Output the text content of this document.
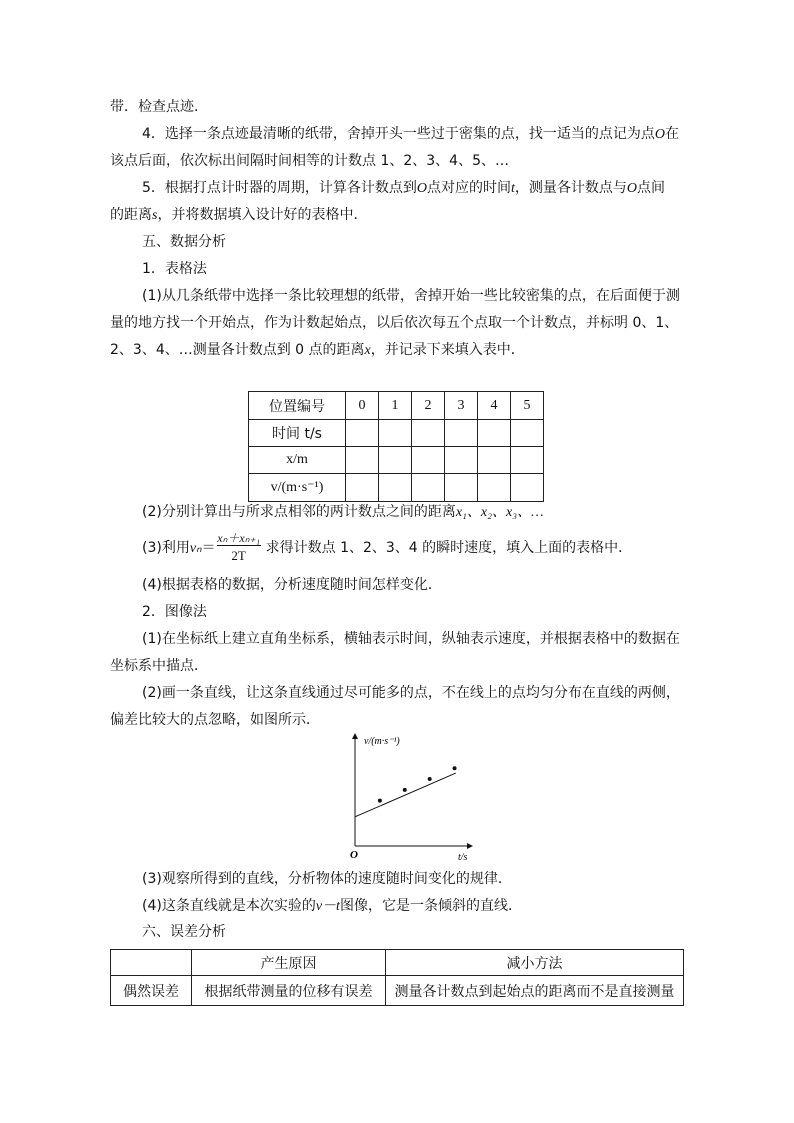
带．检查点迹．
4．选择一条点迹最清晰的纸带，舍掉开头一些过于密集的点，找一适当的点记为点O在
该点后面，依次标出间隔时间相等的计数点 1、2、3、4、5、…
5．根据打点计时器的周期，计算各计数点到O点对应的时间t，测量各计数点与O点间
的距离s，并将数据填入设计好的表格中．
五、数据分析
1．表格法
(1)从几条纸带中选择一条比较理想的纸带，舍掉开始一些比较密集的点，在后面便于测
量的地方找一个开始点，作为计数起始点，以后依次每五个点取一个计数点，并标明 0、1、
2、3、4、…测量各计数点到 0 点的距离x，并记录下来填入表中．
位置编号	0	1	2	3	4	5
时间 t/s						
x/m						
v/(m·s⁻¹)						
(2)分别计算出与所求点相邻的两计数点之间的距离x₁、x₂、x₃、…
(3)利用vₙ＝
xₙ＋xₙ₊₁
2T	求得计数点 1、2、3、4 的瞬时速度，填入上面的表格中．
(4)根据表格的数据，分析速度随时间怎样变化．
2．图像法
(1)在坐标纸上建立直角坐标系，横轴表示时间，纵轴表示速度，并根据表格中的数据在
坐标系中描点．
(2)画一条直线，让这条直线通过尽可能多的点，不在线上的点均匀分布在直线的两侧，
偏差比较大的点忽略，如图所示．
v/(m·s⁻¹)
t/s
O
(3)观察所得到的直线，分析物体的速度随时间变化的规律．
(4)这条直线就是本次实验的v－t图像，它是一条倾斜的直线．
六、误差分析
	产生原因	减小方法
偶然误差	根据纸带测量的位移有误差	测量各计数点到起始点的距离而不是直接测量
